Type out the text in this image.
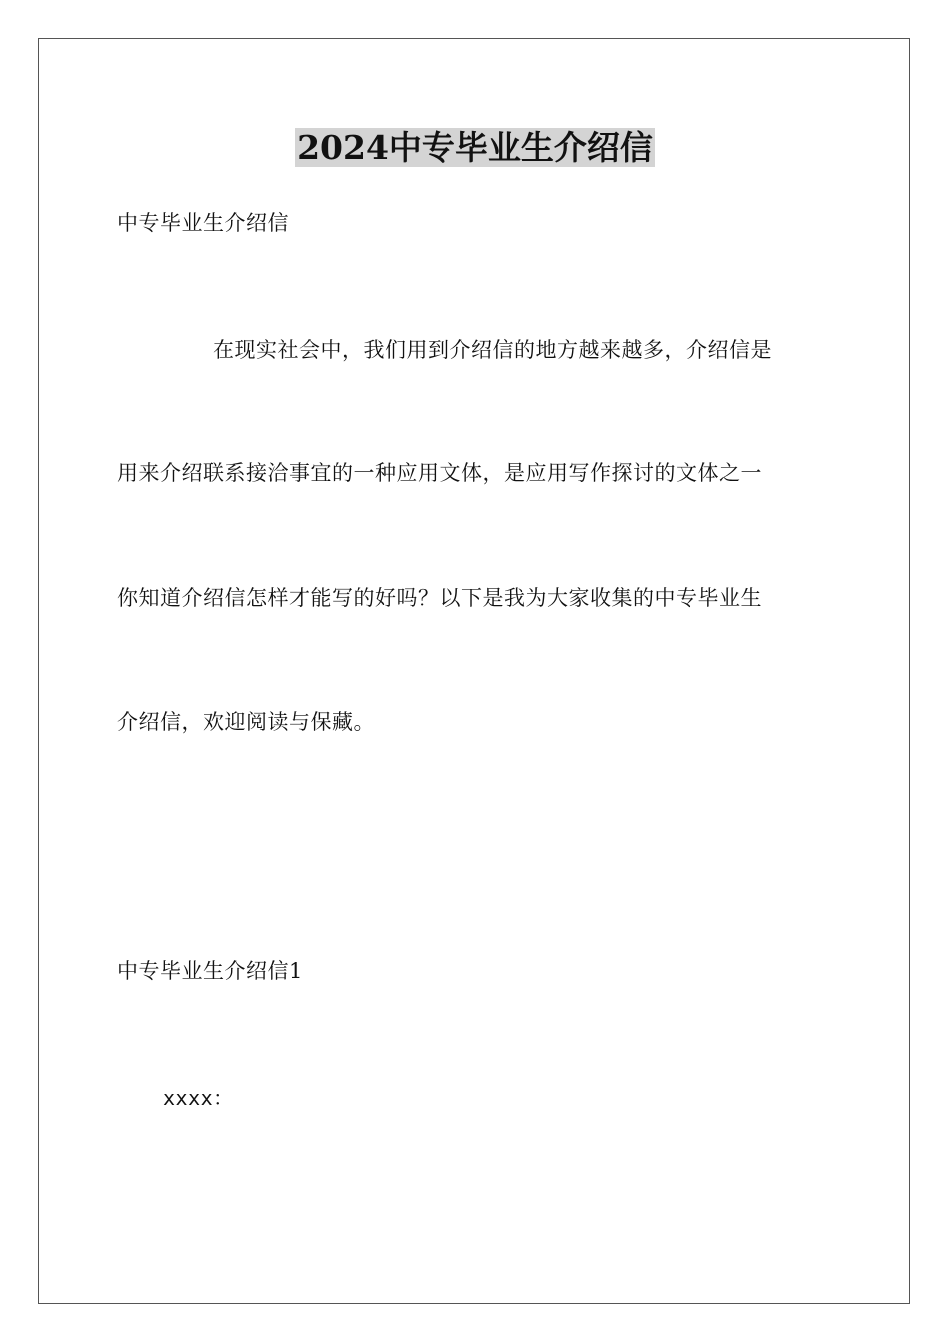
2024中专毕业生介绍信
中专毕业生介绍信
在现实社会中，我们用到介绍信的地方越来越多，介绍信是
用来介绍联系接洽事宜的一种应用文体，是应用写作探讨的文体之一
你知道介绍信怎样才能写的好吗？以下是我为大家收集的中专毕业生
介绍信，欢迎阅读与保藏。
中专毕业生介绍信1
xxxx：
